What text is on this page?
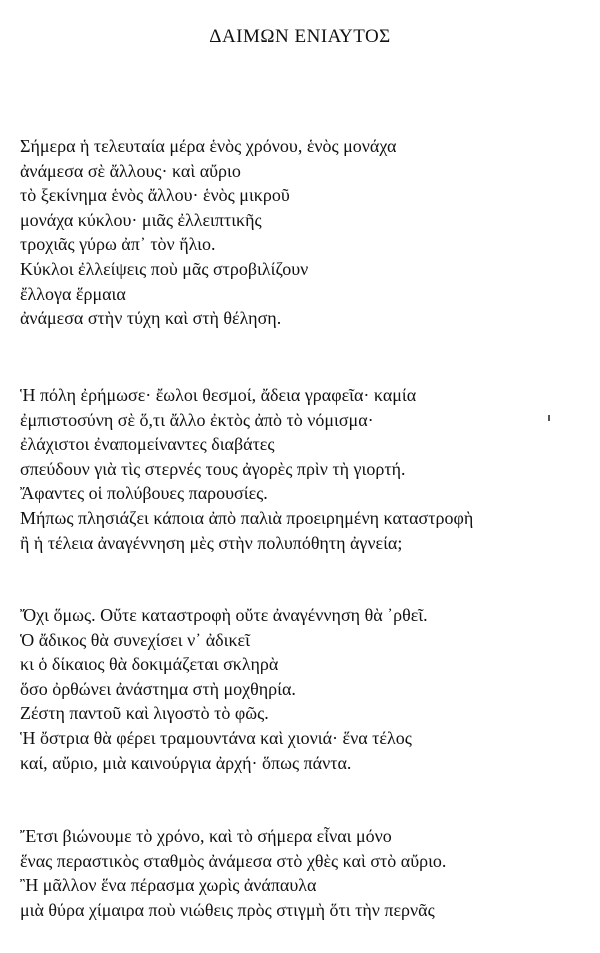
ΔΑΙΜΩΝ ΕΝΙΑΥΤΟΣ
Σήμερα ἡ τελευταία μέρα ἑνὸς χρόνου, ἑνὸς μονάχα
ἀνάμεσα σὲ ἄλλους· καὶ αὔριο
τὸ ξεκίνημα ἑνὸς ἄλλου· ἑνὸς μικροῦ
μονάχα κύκλου· μιᾶς ἐλλειπτικῆς
τροχιᾶς γύρω ἀπ᾽ τὸν ἥλιο.
Κύκλοι ἐλλείψεις ποὺ μᾶς στροβιλίζουν
ἔλλογα ἕρμαια
ἀνάμεσα στὴν τύχη καὶ στὴ θέληση.
Ἡ πόλη ἐρήμωσε· ἔωλοι θεσμοί, ἄδεια γραφεῖα· καμία
ἐμπιστοσύνη σὲ ὅ,τι ἄλλο ἐκτὸς ἀπὸ τὸ νόμισμα·
ἐλάχιστοι ἐναπομείναντες διαβάτες
σπεύδουν γιὰ τὶς στερνές τους ἀγορὲς πρὶν τὴ γιορτή.
Ἄφαντες οἱ πολύβουες παρουσίες.
Μήπως πλησιάζει κάποια ἀπὸ παλιὰ προειρημένη καταστροφὴ
ἢ ἡ τέλεια ἀναγέννηση μὲς στὴν πολυπόθητη ἀγνεία;
Ὄχι ὅμως. Οὔτε καταστροφὴ οὔτε ἀναγέννηση θὰ ᾽ρθεῖ.
Ὁ ἄδικος θὰ συνεχίσει ν᾽ ἀδικεῖ
κι ὁ δίκαιος θὰ δοκιμάζεται σκληρὰ
ὅσο ὀρθώνει ἀνάστημα στὴ μοχθηρία.
Ζέστη παντοῦ καὶ λιγοστὸ τὸ φῶς.
Ἡ ὄστρια θὰ φέρει τραμουντάνα καὶ χιονιά· ἕνα τέλος
καί, αὔριο, μιὰ καινούργια ἀρχή· ὅπως πάντα.
Ἔτσι βιώνουμε τὸ χρόνο, καὶ τὸ σήμερα εἶναι μόνο
ἕνας περαστικὸς σταθμὸς ἀνάμεσα στὸ χθὲς καὶ στὸ αὔριο.
Ἢ μᾶλλον ἕνα πέρασμα χωρὶς ἀνάπαυλα
μιὰ θύρα χίμαιρα ποὺ νιώθεις πρὸς στιγμὴ ὅτι τὴν περνᾶς
